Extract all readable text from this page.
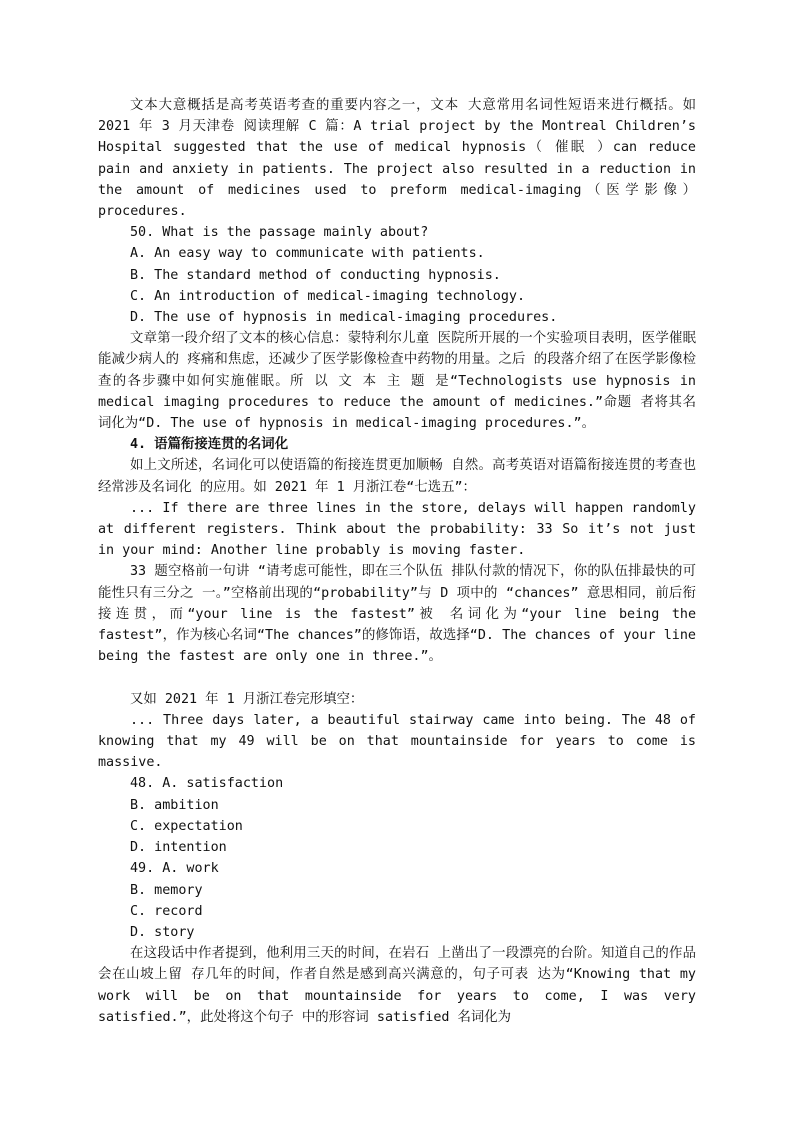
文本大意概括是高考英语考查的重要内容之一，文本 大意常用名词性短语来进行概括。如 2021 年 3 月天津卷 阅读理解 C 篇：A trial project by the Montreal Children’s Hospital suggested that the use of medical hypnosis（ 催眠 ）can reduce pain and anxiety in patients. The project also resulted in a reduction in the amount of medicines used to preform medical-imaging（医学影像）procedures.

50. What is the passage mainly about?

A. An easy way to communicate with patients.

B. The standard method of conducting hypnosis.

C. An introduction of medical-imaging technology.

D. The use of hypnosis in medical-imaging procedures.

文章第一段介绍了文本的核心信息：蒙特利尔儿童 医院所开展的一个实验项目表明，医学催眠能减少病人的 疼痛和焦虑，还减少了医学影像检查中药物的用量。之后 的段落介绍了在医学影像检查的各步骤中如何实施催眠。所 以 文 本 主 题 是“Technologists use hypnosis in medical imaging procedures to reduce the amount of medicines.”命题 者将其名词化为“D. The use of hypnosis in medical-imaging procedures.”。

4. 语篇衔接连贯的名词化

如上文所述，名词化可以使语篇的衔接连贯更加顺畅 自然。高考英语对语篇衔接连贯的考查也经常涉及名词化 的应用。如 2021 年 1 月浙江卷“七选五”：

... If there are three lines in the store, delays will happen randomly at different registers. Think about the probability: 33 So it’s not just in your mind: Another line probably is moving faster.

33 题空格前一句讲 “请考虑可能性，即在三个队伍 排队付款的情况下，你的队伍排最快的可能性只有三分之 一。”空格前出现的“probability”与 D 项中的 “chances” 意思相同，前后衔接连贯，而“your line is the fastest”被 名词化为“your line being the fastest”，作为核心名词“The chances”的修饰语，故选择“D. The chances of your line being the fastest are only one in three.”。

又如 2021 年 1 月浙江卷完形填空：

... Three days later, a beautiful stairway came into being. The 48 of knowing that my 49 will be on that mountainside for years to come is massive.

48. A. satisfaction

B. ambition

C. expectation

D. intention

49. A. work

B. memory

C. record

D. story

在这段话中作者提到，他利用三天的时间，在岩石 上凿出了一段漂亮的台阶。知道自己的作品会在山坡上留 存几年的时间，作者自然是感到高兴满意的，句子可表 达为“Knowing that my work will be on that mountainside for years to come, I was very satisfied.”，此处将这个句子 中的形容词 satisfied 名词化为
